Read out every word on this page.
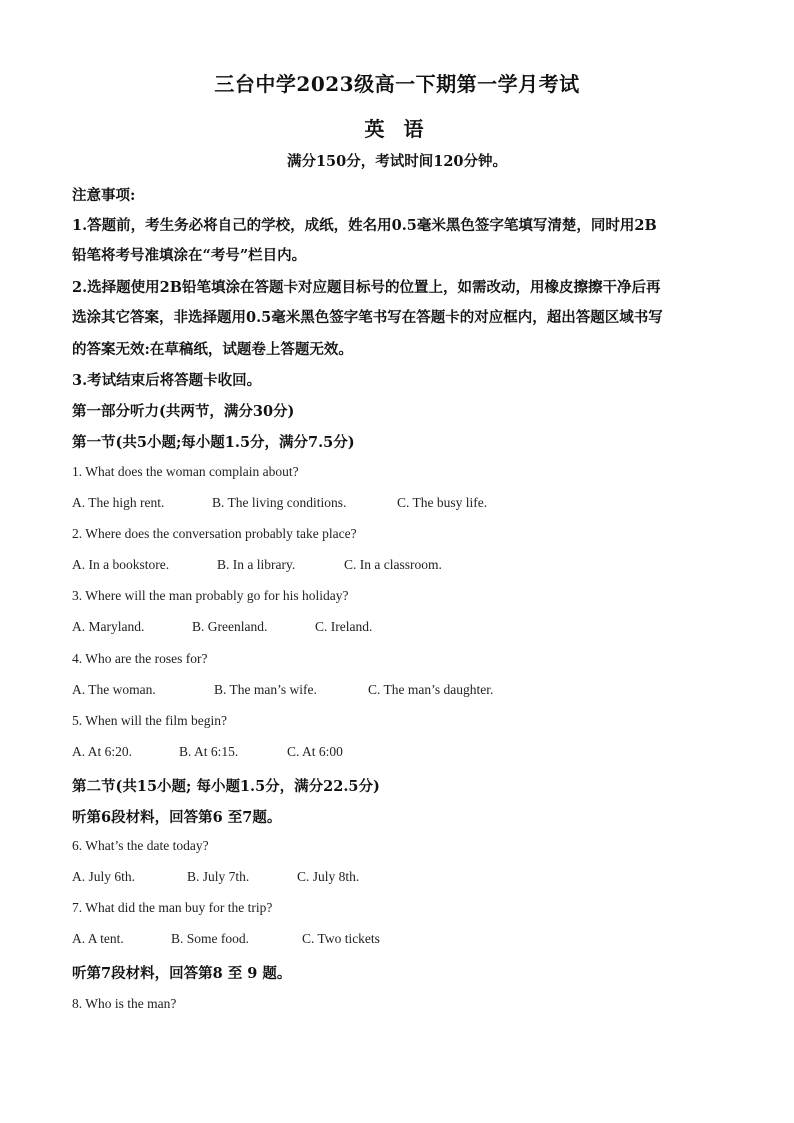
三台中学2023级高一下期第一学月考试
英 语
满分150分，考试时间120分钟。
注意事项:
1.答题前，考生务必将自己的学校，成纸，姓名用0.5毫米黑色签字笔填写清楚，同时用2B
铅笔将考号准填涂在“考号”栏目内。
2.选择题使用2B铅笔填涂在答题卡对应题目标号的位置上，如需改动，用橡皮擦擦干净后再
选涂其它答案，非选择题用0.5毫米黑色签字笔书写在答题卡的对应框内，超出答题区域书写
的答案无效:在草稿纸，试题卷上答题无效。
3.考试结束后将答题卡收回。
第一部分听力(共两节，满分30分)
第一节(共5小题;每小题1.5分，满分7.5分)
1. What does the woman complain about?
A. The high rent.	B. The living conditions.	C. The busy life.
2. Where does the conversation probably take place?
A. In a bookstore.	B. In a library.	C. In a classroom.
3. Where will the man probably go for his holiday?
A. Maryland.	B. Greenland.	C. Ireland.
4. Who are the roses for?
A. The woman.	B. The man’s wife.	C. The man’s daughter.
5. When will the film begin?
A. At 6:20.	B. At 6:15.	C. At 6:00
第二节(共15小题; 每小题1.5分，满分22.5分)
听第6段材料，回答第6 至7题。
6. What’s the date today?
A. July 6th.	B. July 7th.	C. July 8th.
7. What did the man buy for the trip?
A. A tent.	B. Some food.	C. Two tickets
听第7段材料，回答第8 至 9 题。
8. Who is the man?
